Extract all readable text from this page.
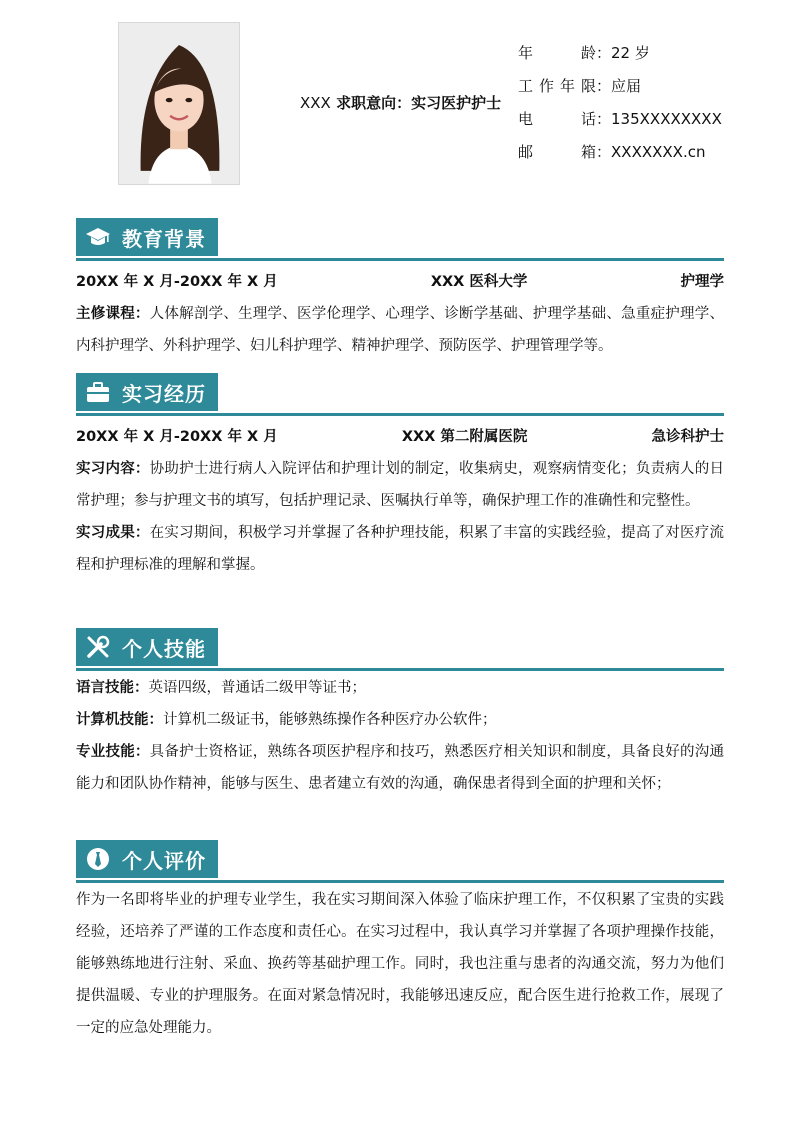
XXX 求职意向：实习医护护士
年龄：22 岁
工作年限：应届
电话：135XXXXXXXX
邮箱：XXXXXXX.cn
教育背景
20XX 年 X 月-20XX 年 X 月	XXX 医科大学	护理学
主修课程：人体解剖学、生理学、医学伦理学、心理学、诊断学基础、护理学基础、急重症护理学、内科护理学、外科护理学、妇儿科护理学、精神护理学、预防医学、护理管理学等。
实习经历
20XX 年 X 月-20XX 年 X 月	XXX 第二附属医院	急诊科护士
实习内容：协助护士进行病人入院评估和护理计划的制定，收集病史，观察病情变化；负责病人的日常护理；参与护理文书的填写，包括护理记录、医嘱执行单等，确保护理工作的准确性和完整性。
实习成果：在实习期间，积极学习并掌握了各种护理技能，积累了丰富的实践经验，提高了对医疗流程和护理标准的理解和掌握。
个人技能
语言技能：英语四级，普通话二级甲等证书；
计算机技能：计算机二级证书，能够熟练操作各种医疗办公软件；
专业技能：具备护士资格证，熟练各项医护程序和技巧，熟悉医疗相关知识和制度，具备良好的沟通能力和团队协作精神，能够与医生、患者建立有效的沟通，确保患者得到全面的护理和关怀；
个人评价
作为一名即将毕业的护理专业学生，我在实习期间深入体验了临床护理工作，不仅积累了宝贵的实践经验，还培养了严谨的工作态度和责任心。在实习过程中，我认真学习并掌握了各项护理操作技能，能够熟练地进行注射、采血、换药等基础护理工作。同时，我也注重与患者的沟通交流，努力为他们提供温暖、专业的护理服务。在面对紧急情况时，我能够迅速反应，配合医生进行抢救工作，展现了一定的应急处理能力。
